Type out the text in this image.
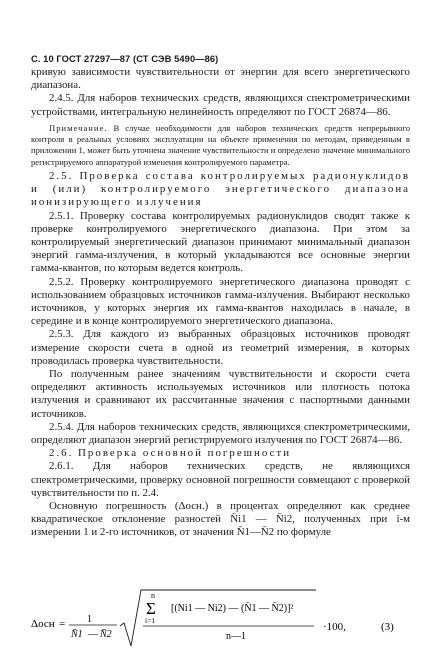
С. 10 ГОСТ 27297—87 (СТ СЭВ 5490—86)

кривую зависимости чувствительности от энергии для всего энергетического диапазона.

2.4.5. Для наборов технических средств, являющихся спектрометрическими устройствами, интегральную нелинейность определяют по ГОСТ 26874—86.

Примечание. В случае необходимости для наборов технических средств непрерывного контроля в реальных условиях эксплуатации на объекте применения по методам, приведенным в приложении 1, может быть уточнена значение чувствительности и определено значение минимального регистрируемого аппаратурой изменения контролируемого параметра.

2.5. Проверка состава контролируемых радионуклидов и (или) контролируемого энергетического диапазона ионизирующего излучения

2.5.1. Проверку состава контролируемых радионуклидов сводят также к проверке контролируемого энергетического диапазона. При этом за контролируемый энергетический диапазон принимают минимальный диапазон энергий гамма-излучения, в который укладываются все основные энергии гамма-квантов, по которым ведется контроль.

2.5.2. Проверку контролируемого энергетического диапазона проводят с использованием образцовых источников гамма-излучения. Выбирают несколько источников, у которых энергия их гамма-квантов находилась в начале, в середине и в конце контролируемого энергетического диапазона.

2.5.3. Для каждого из выбранных образцовых источников проводят измерение скорости счета в одной из геометрий измерения, в которых проводилась проверка чувствительности.

По полученным ранее значениям чувствительности и скорости счета определяют активность используемых источников или плотность потока излучения и сравнивают их рассчитанные значения с паспортными данными источников.

2.5.4. Для наборов технических средств, являющихся спектрометрическими, определяют диапазон энергий регистрируемого излучения по ГОСТ 26874—86.

2.6. Проверка основной погрешности

2.6.1. Для наборов технических средств, не являющихся спектрометрическими, проверку основной погрешности совмещают с проверкой чувствительности по п. 2.4.

Основную погрешность (Δосн.) в процентах определяют как среднее квадратическое отклонение разностей N̄i1 — N̄i2, полученных при i-м измерении 1 и 2-го источников, от значения N̄1—N̄2 по формуле

Δосн = 1
N̄1 — N̄2
n
Σ
i=1
[(Ni1 — Ni2) — (N̄1 — N̄2)]²
n—1
·100,	(3)
